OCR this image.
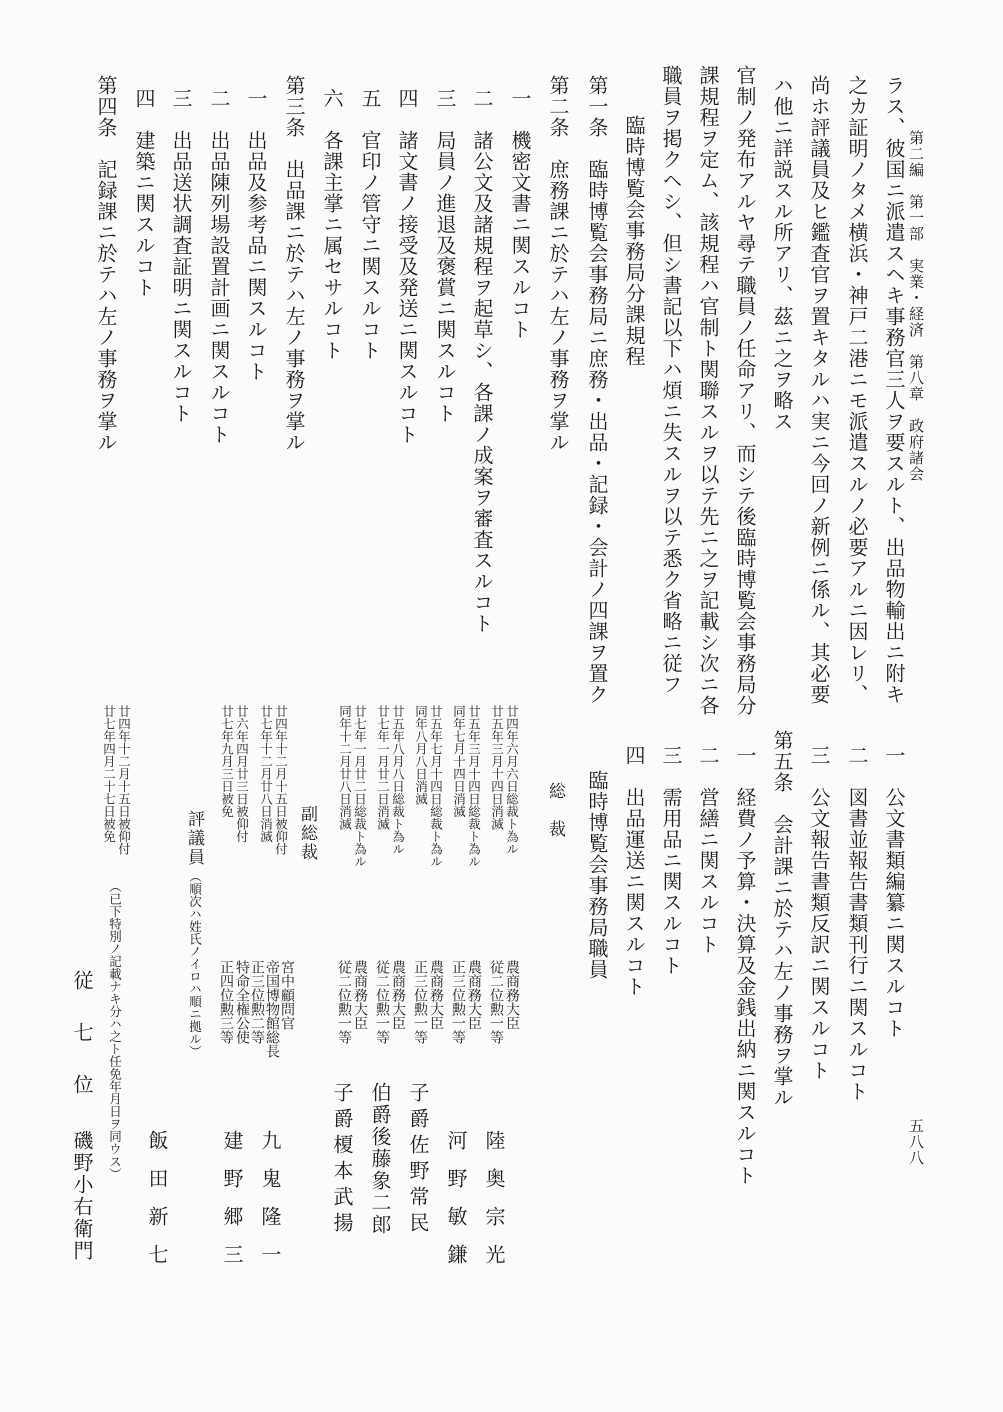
第二編　第一部　実業・経済　第八章　政府諸会
五八八
ラス、彼国ニ派遣スヘキ事務官三人ヲ要スルト、出品物輸出ニ附キ
之カ証明ノタメ横浜・神戸二港ニモ派遣スルノ必要アルニ因レリ、
尚ホ評議員及ヒ鑑査官ヲ置キタルハ実ニ今回ノ新例ニ係ル、其必要
ハ他ニ詳説スル所アリ、茲ニ之ヲ略ス
官制ノ発布アルヤ尋テ職員ノ任命アリ、而シテ後臨時博覧会事務局分
課規程ヲ定ム、該規程ハ官制ト関聯スルヲ以テ先ニ之ヲ記載シ次ニ各
職員ヲ掲クヘシ、但シ書記以下ハ煩ニ失スルヲ以テ悉ク省略ニ従フ
臨時博覧会事務局分課規程
第一条　臨時博覧会事務局ニ庶務・出品・記録・会計ノ四課ヲ置ク
第二条　庶務課ニ於テハ左ノ事務ヲ掌ル
一　機密文書ニ関スルコト
二　諸公文及諸規程ヲ起草シ、各課ノ成案ヲ審査スルコト
三　局員ノ進退及褒賞ニ関スルコト
四　諸文書ノ接受及発送ニ関スルコト
五　官印ノ管守ニ関スルコト
六　各課主掌ニ属セサルコト
第三条　出品課ニ於テハ左ノ事務ヲ掌ル
一　出品及参考品ニ関スルコト
二　出品陳列場設置計画ニ関スルコト
三　出品送状調査証明ニ関スルコト
四　建築ニ関スルコト
第四条　記録課ニ於テハ左ノ事務ヲ掌ル
一　公文書類編纂ニ関スルコト
二　図書並報告書類刊行ニ関スルコト
三　公文報告書類反訳ニ関スルコト
第五条　会計課ニ於テハ左ノ事務ヲ掌ル
一　経費ノ予算・決算及金銭出納ニ関スルコト
二　営繕ニ関スルコト
三　需用品ニ関スルコト
四　出品運送ニ関スルコト
臨時博覧会事務局職員
総　裁
廿四年六月六日総裁ト為ル
廿五年三月十四日消滅
農商務大臣
従二位勲一等
陸奥宗光
廿五年三月十四日総裁ト為ル
同年七月十四日消滅
農商務大臣
正三位勲一等
河野敏鎌
廿五年七月十四日総裁ト為ル
同年八月八日消滅
農商務大臣
正三位勲一等
子爵佐野常民
廿五年八月八日総裁ト為ル
廿七年一月廿二日消滅
農商務大臣
従二位勲一等
伯爵後藤象二郎
廿七年一月廿二日総裁ト為ル
同年十二月廿八日消滅
農商務大臣
従二位勲一等
子爵榎本武揚
副総裁
廿四年十二月十五日被仰付
廿七年十二月廿八日消滅
宮中顧問官
帝国博物館総長
正三位勲二等
九鬼隆一
廿六年四月廿三日被仰付
廿七年九月三日被免
特命全権公使
正四位勲三等
建野郷三
評議員
（順次ハ姓氏ノイロハ順ニ拠ル）
飯田新七
廿四年十二月十五日被仰付
廿七年四月二十七日被免
（已下特別ノ記載ナキ分ハ之ト任免年月日ヲ同ウス）
従七位
磯野小右衛門
